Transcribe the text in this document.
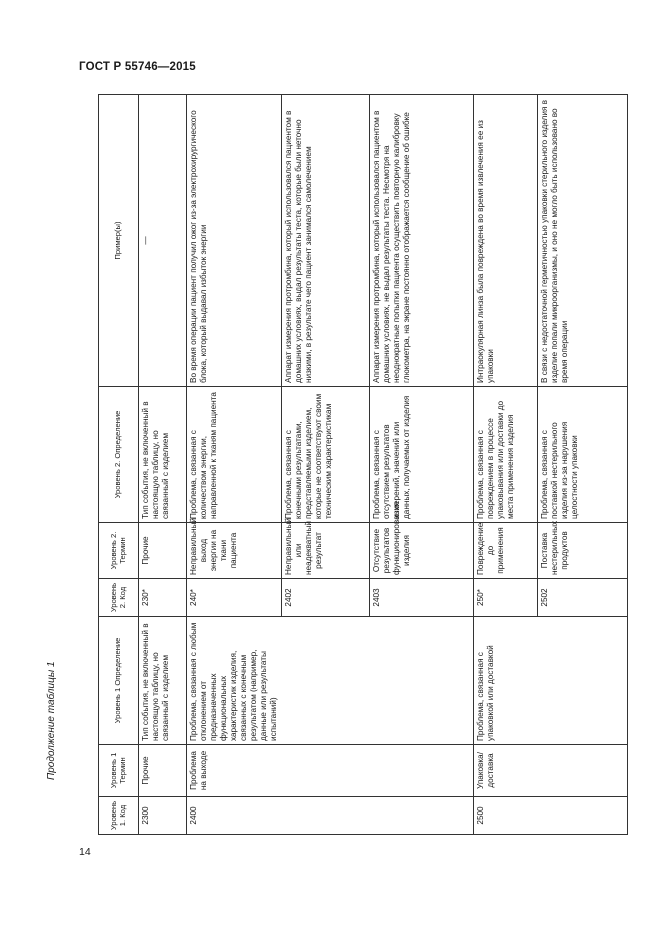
ГОСТ Р 55746—2015
Продолжение таблицы 1
14
Уровень 1. Код	Уровень 1 Термин	Уровень 1 Определение	Уровень 2. Код	Уровень 2. Термин	Уровень 2. Определение	Пример(ы)
2300	Прочие	Тип события, не включенный в настоящую таблицу, но связанный с изделием	230*	Прочие	Тип события, не включенный в настоящую таблицу, но связанный с изделием	—
2400	Проблема на выходе	Проблема, связанная с любым отклонением от предназначенных функциональных характеристик изделия, связанных с конечным результатом (например, данные или результаты испытаний)	240*	Неправильный выход энергии на ткани пациента	Проблема, связанная с количеством энергии, направленной к тканям пациента	Во время операции пациент получил ожог из-за электрохирургического блока, который выдавал избыток энергии
			2402	Неправильный или неадекватный результат	Проблема, связанная с конечными результатами, представляемыми изделием, которые не соответствуют своим техническим характеристикам	Аппарат измерения протромбина, который использовался пациентом в домашних условиях, выдал результаты теста, которые были неточно низкими, в результате чего пациент занимался самолечением
			2403	Отсутствие результатов функционирования изделия	Проблема, связанная с отсутствием результатов измерений, значений или данных, получаемых от изделия	Аппарат измерения протромбина, который использовался пациентом в домашних условиях, не выдал результаты теста. Несмотря на неоднократные попытки пациента осуществить повторную калибровку глюкометра, на экране постоянно отображается сообщение об ошибке
2500	Упаковка/ доставка	Проблема, связанная с упаковкой или доставкой	250*	Повреждение до применения	Проблема, связанная с повреждением в процессе упаковывания или доставки до места применения изделия	Интраокулярная линза была повреждена во время извлечения ее из упаковки
			2502	Поставка нестерильных продуктов	Проблема, связанная с поставкой нестерильного изделия из-за нарушения целостности упаковки	В связи с недостаточной герметичностью упаковки стерильного изделия в изделие попали микроорганизмы, и оно не могло быть использовано во время операции
